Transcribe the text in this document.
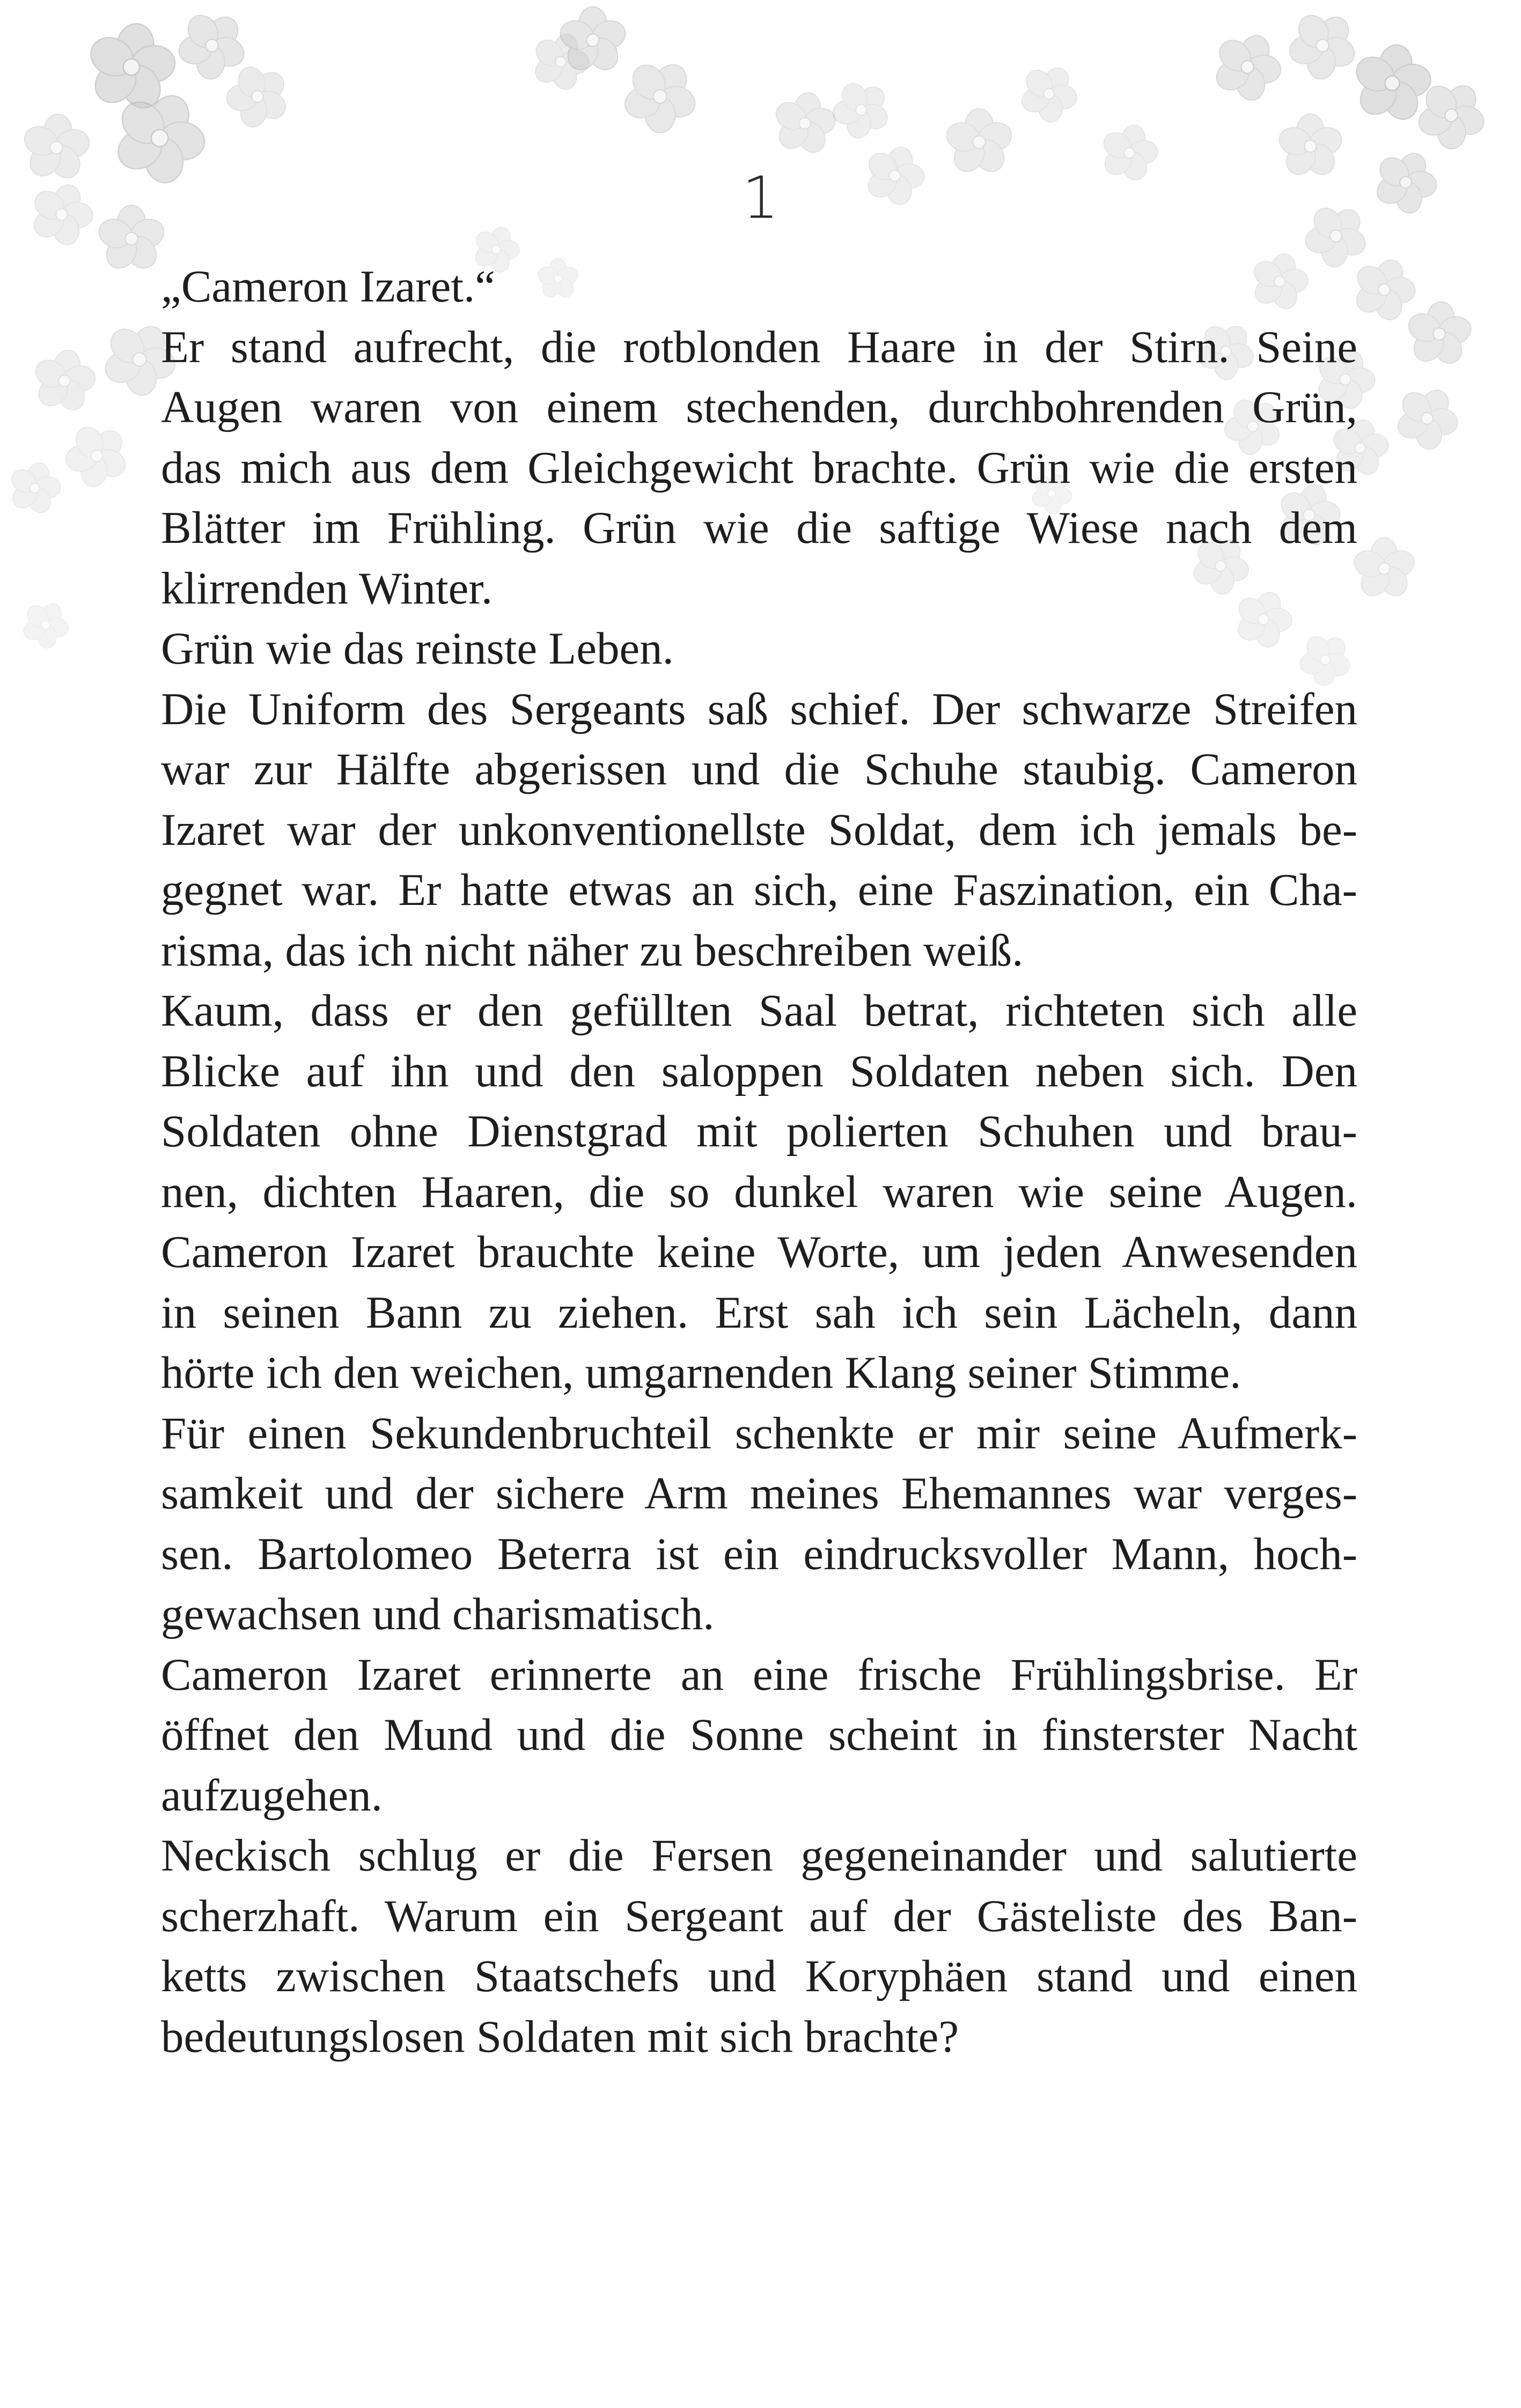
1
„Cameron Izaret.“
Er stand aufrecht, die rotblonden Haare in der Stirn. Seine
Augen waren von einem stechenden, durchbohrenden Grün,
das mich aus dem Gleichgewicht brachte. Grün wie die ersten
Blätter im Frühling. Grün wie die saftige Wiese nach dem
klirrenden Winter.
Grün wie das reinste Leben.
Die Uniform des Sergeants saß schief. Der schwarze Streifen
war zur Hälfte abgerissen und die Schuhe staubig. Cameron
Izaret war der unkonventionellste Soldat, dem ich jemals be-
gegnet war. Er hatte etwas an sich, eine Faszination, ein Cha-
risma, das ich nicht näher zu beschreiben weiß.
Kaum, dass er den gefüllten Saal betrat, richteten sich alle
Blicke auf ihn und den saloppen Soldaten neben sich. Den
Soldaten ohne Dienstgrad mit polierten Schuhen und brau-
nen, dichten Haaren, die so dunkel waren wie seine Augen.
Cameron Izaret brauchte keine Worte, um jeden Anwesenden
in seinen Bann zu ziehen. Erst sah ich sein Lächeln, dann
hörte ich den weichen, umgarnenden Klang seiner Stimme.
Für einen Sekundenbruchteil schenkte er mir seine Aufmerk-
samkeit und der sichere Arm meines Ehemannes war verges-
sen. Bartolomeo Beterra ist ein eindrucksvoller Mann, hoch-
gewachsen und charismatisch.
Cameron Izaret erinnerte an eine frische Frühlingsbrise. Er
öffnet den Mund und die Sonne scheint in finsterster Nacht
aufzugehen.
Neckisch schlug er die Fersen gegeneinander und salutierte
scherzhaft. Warum ein Sergeant auf der Gästeliste des Ban-
ketts zwischen Staatschefs und Koryphäen stand und einen
bedeutungslosen Soldaten mit sich brachte?
